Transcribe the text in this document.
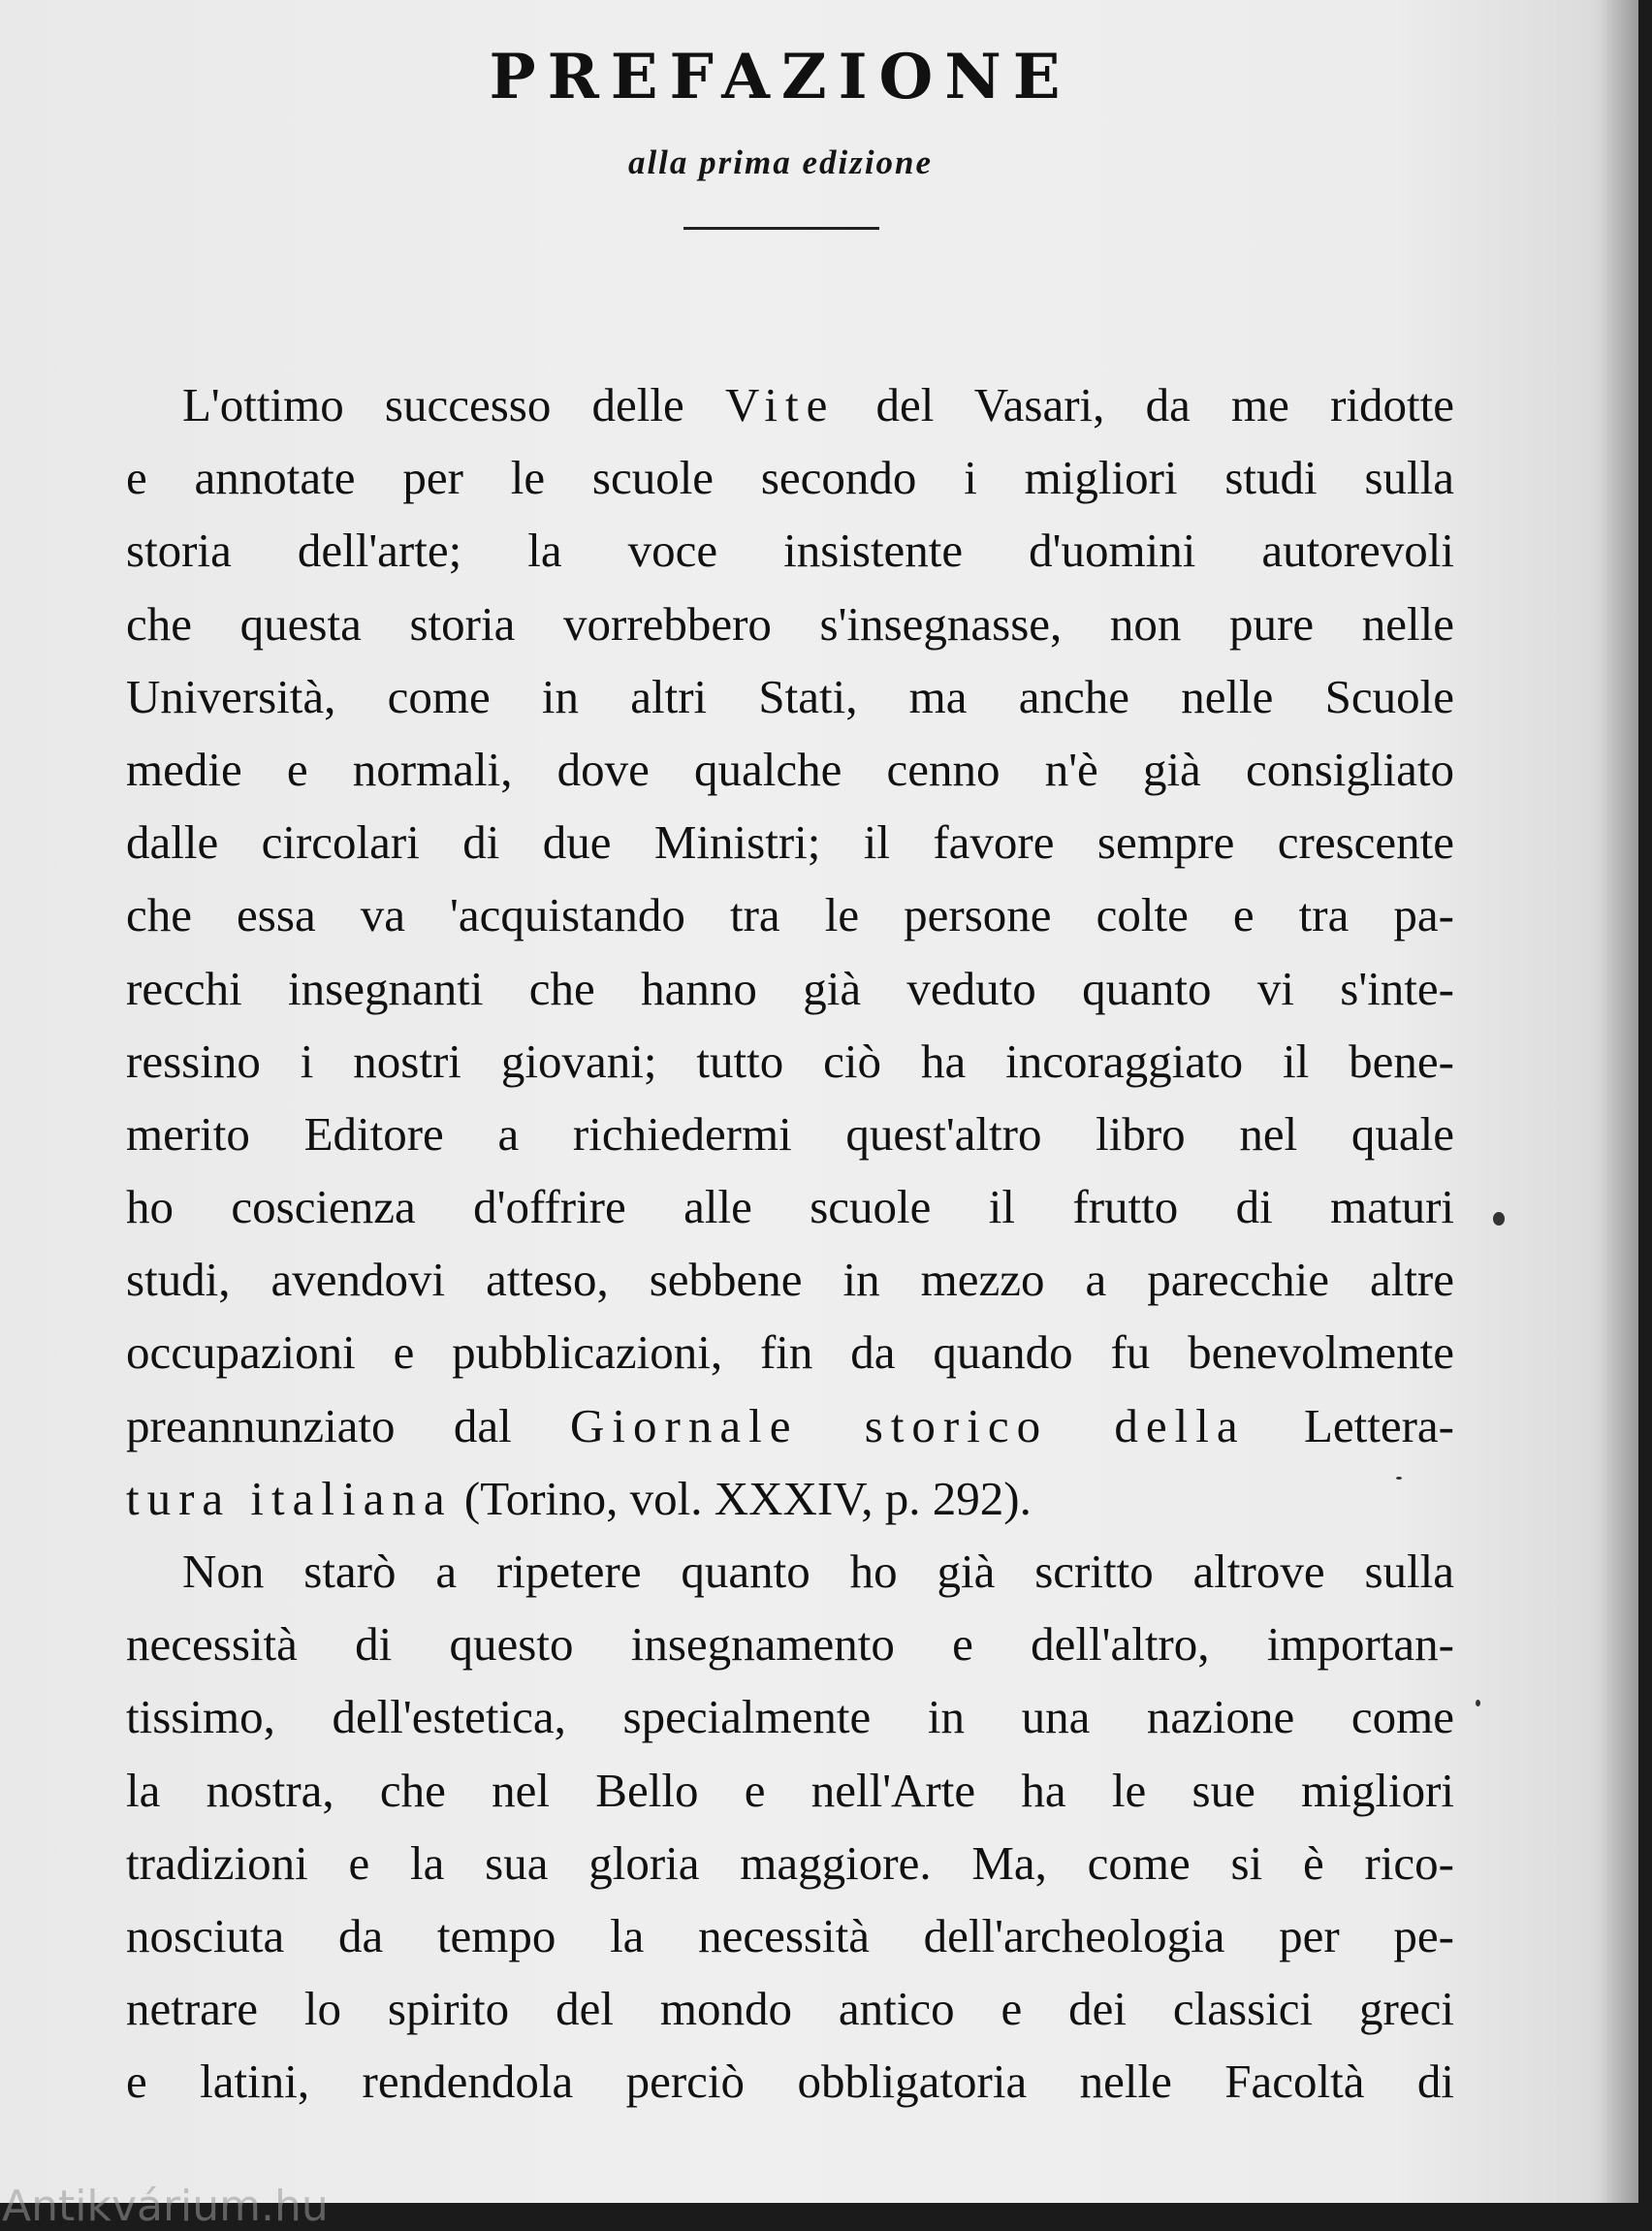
PREFAZIONE
alla prima edizione
L'ottimo successo delle Vite del Vasari, da me ridotte
e annotate per le scuole secondo i migliori studi sulla
storia dell'arte; la voce insistente d'uomini autorevoli
che questa storia vorrebbero s'insegnasse, non pure nelle
Università, come in altri Stati, ma anche nelle Scuole
medie e normali, dove qualche cenno n'è già consigliato
dalle circolari di due Ministri; il favore sempre crescente
che essa va 'acquistando tra le persone colte e tra pa-
recchi insegnanti che hanno già veduto quanto vi s'inte-
ressino i nostri giovani; tutto ciò ha incoraggiato il bene-
merito Editore a richiedermi quest'altro libro nel quale
ho coscienza d'offrire alle scuole il frutto di maturi
studi, avendovi atteso, sebbene in mezzo a parecchie altre
occupazioni e pubblicazioni, fin da quando fu benevolmente
preannunziato dal Giornale storico della Lettera-
tura italiana (Torino, vol. XXXIV, p. 292).
Non starò a ripetere quanto ho già scritto altrove sulla
necessità di questo insegnamento e dell'altro, importan-
tissimo, dell'estetica, specialmente in una nazione come
la nostra, che nel Bello e nell'Arte ha le sue migliori
tradizioni e la sua gloria maggiore. Ma, come si è rico-
nosciuta da tempo la necessità dell'archeologia per pe-
netrare lo spirito del mondo antico e dei classici greci
e latini, rendendola perciò obbligatoria nelle Facoltà di
Antikvárium.hu
